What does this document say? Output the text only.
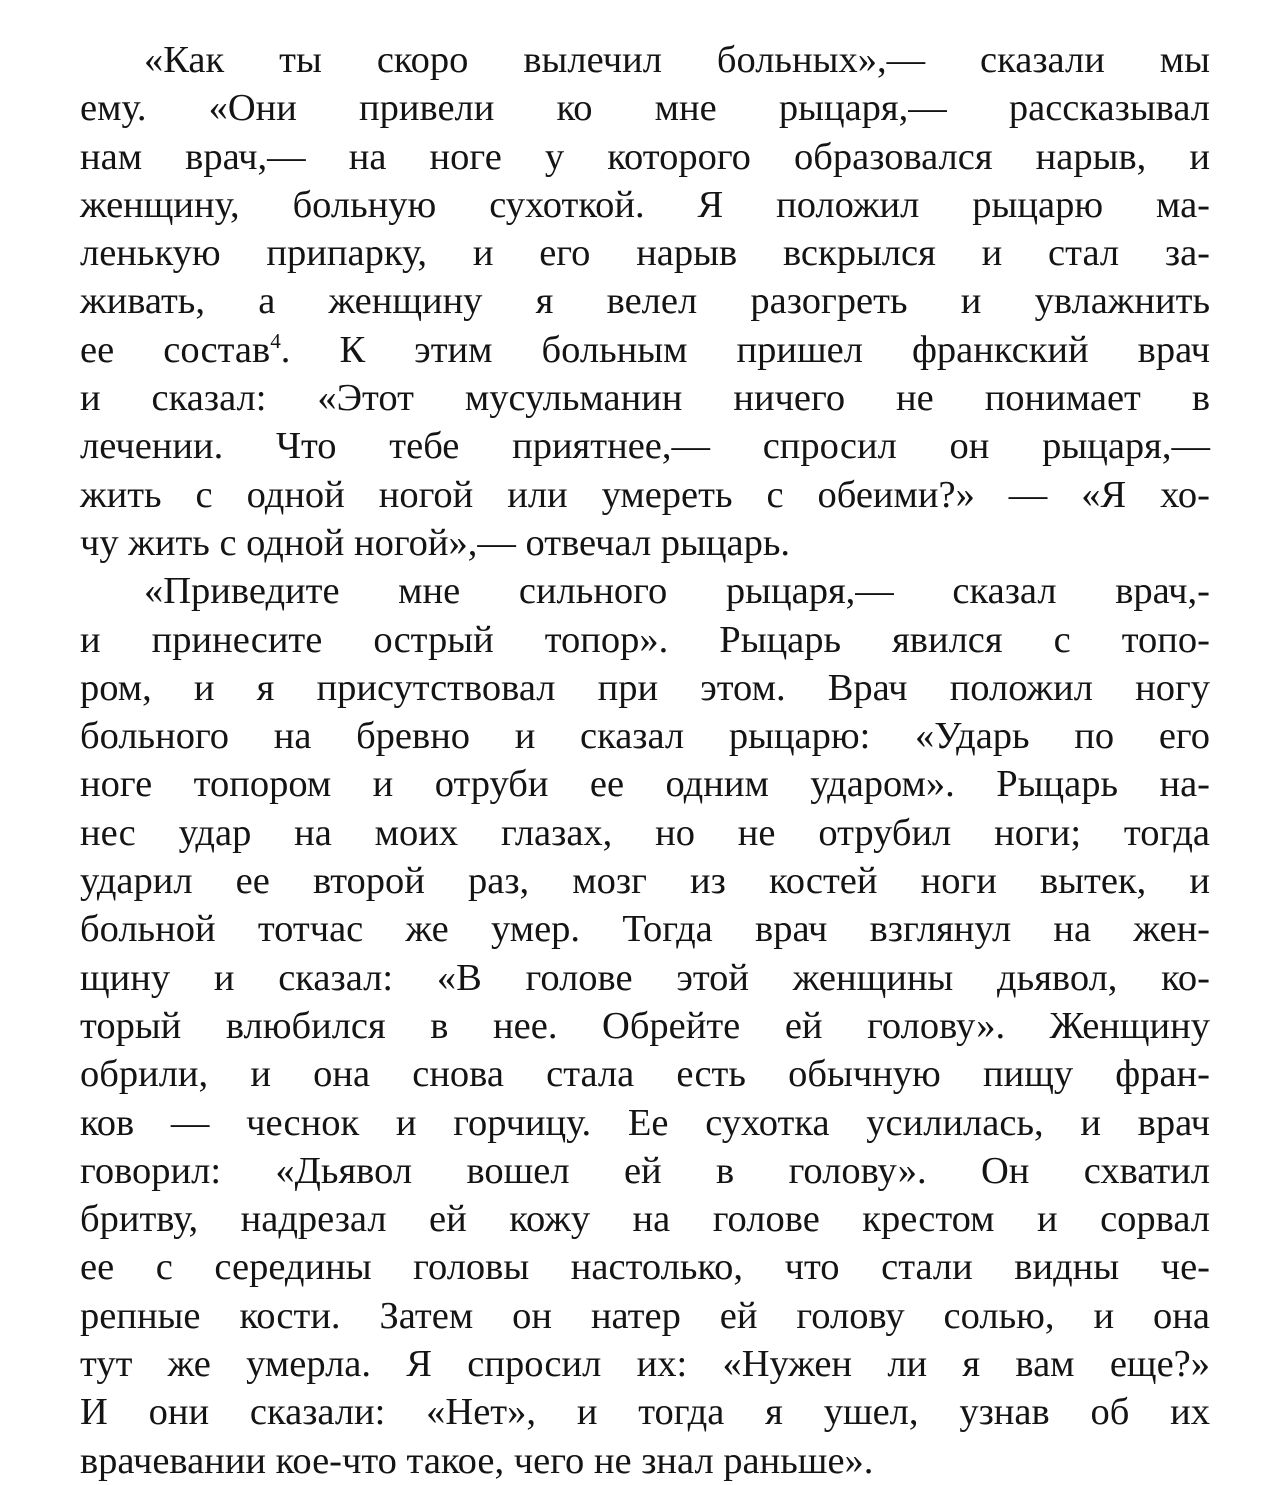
«Как ты скоро вылечил больных»,— сказали мы
ему. «Они привели ко мне рыцаря,— рассказывал
нам врач,— на ноге у которого образовался нарыв, и
женщину, больную сухоткой. Я положил рыцарю ма-
ленькую припарку, и его нарыв вскрылся и стал за-
живать, а женщину я велел разогреть и увлажнить
ее состав$^4$. К этим больным пришел франкский врач
и сказал: «Этот мусульманин ничего не понимает в
лечении. Что тебе приятнее,— спросил он рыцаря,—
жить с одной ногой или умереть с обеими?» — «Я хо-
чу жить с одной ногой»,— отвечал рыцарь.
«Приведите мне сильного рыцаря,— сказал врач,-
и принесите острый топор». Рыцарь явился с топо-
ром, и я присутствовал при этом. Врач положил ногу
больного на бревно и сказал рыцарю: «Ударь по его
ноге топором и отруби ее одним ударом». Рыцарь на-
нес удар на моих глазах, но не отрубил ноги; тогда
ударил ее второй раз, мозг из костей ноги вытек, и
больной тотчас же умер. Тогда врач взглянул на жен-
щину и сказал: «В голове этой женщины дьявол, ко-
торый влюбился в нее. Обрейте ей голову». Женщину
обрили, и она снова стала есть обычную пищу фран-
ков — чеснок и горчицу. Ее сухотка усилилась, и врач
говорил: «Дьявол вошел ей в голову». Он схватил
бритву, надрезал ей кожу на голове крестом и сорвал
ее с середины головы настолько, что стали видны че-
репные кости. Затем он натер ей голову солью, и она
тут же умерла. Я спросил их: «Нужен ли я вам еще?»
И они сказали: «Нет», и тогда я ушел, узнав об их
врачевании кое-что такое, чего не знал раньше».
